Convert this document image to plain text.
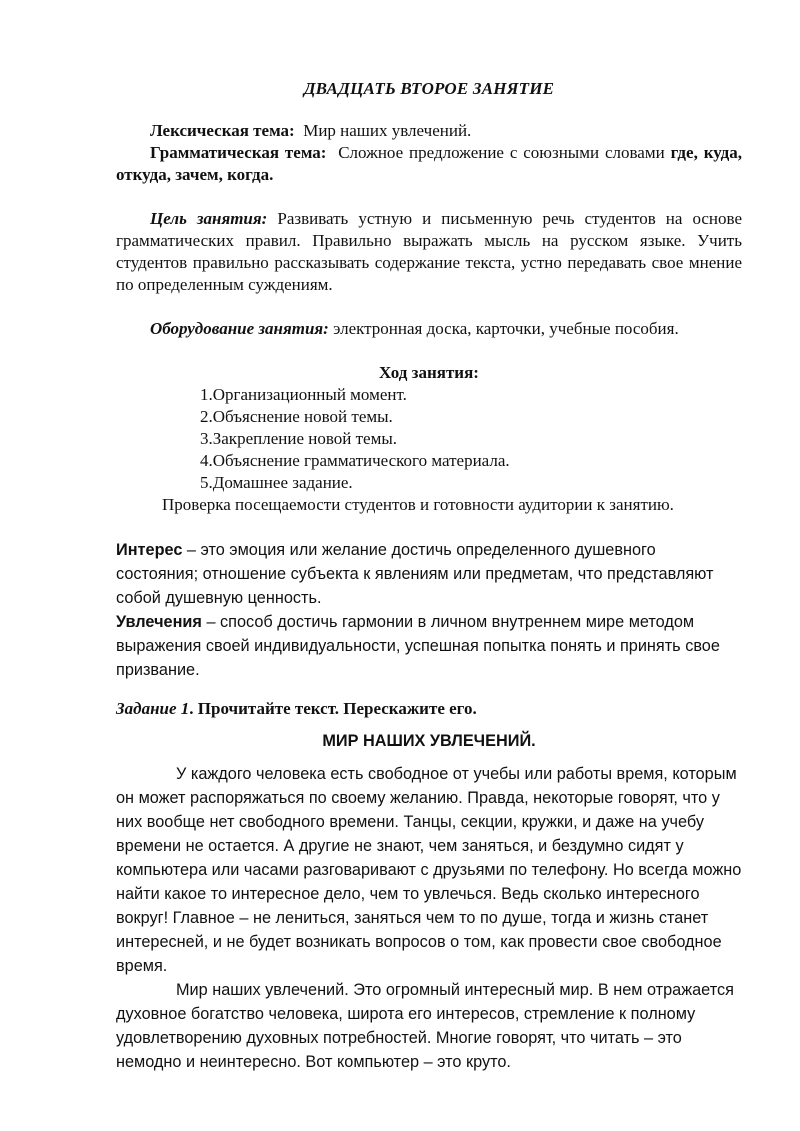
ДВАДЦАТЬ ВТОРОЕ ЗАНЯТИЕ

Лексическая тема: Мир наших увлечений.

Грамматическая тема: Сложное предложение с союзными словами где, куда, откуда, зачем, когда.

Цель занятия: Развивать устную и письменную речь студентов на основе грамматических правил. Правильно выражать мысль на русском языке. Учить студентов правильно рассказывать содержание текста, устно передавать свое мнение по определенным суждениям.

Оборудование занятия: электронная доска, карточки, учебные пособия.

Ход занятия:

1.Организационный момент.
2.Объяснение новой темы.
3.Закрепление новой темы.
4.Объяснение грамматического материала.
5.Домашнее задание.

Проверка посещаемости студентов и готовности аудитории к занятию.

Интерес – это эмоция или желание достичь определенного душевного состояния; отношение субъекта к явлениям или предметам, что представляют собой душевную ценность.

Увлечения – способ достичь гармонии в личном внутреннем мире методом выражения своей индивидуальности, успешная попытка понять и принять свое призвание.

Задание 1. Прочитайте текст. Перескажите его.

МИР НАШИХ УВЛЕЧЕНИЙ.

У каждого человека есть свободное от учебы или работы время, которым он может распоряжаться по своему желанию. Правда, некоторые говорят, что у них вообще нет свободного времени. Танцы, секции, кружки, и даже на учебу времени не остается. А другие не знают, чем заняться, и бездумно сидят у компьютера или часами разговаривают с друзьями по телефону. Но всегда можно найти какое то интересное дело, чем то увлечься. Ведь сколько интересного вокруг! Главное – не лениться, заняться чем то по душе, тогда и жизнь станет интересней, и не будет возникать вопросов о том, как провести свое свободное время.

Мир наших увлечений. Это огромный интересный мир. В нем отражается духовное богатство человека, широта его интересов, стремление к полному удовлетворению духовных потребностей. Многие говорят, что читать – это немодно и неинтересно. Вот компьютер – это круто.
